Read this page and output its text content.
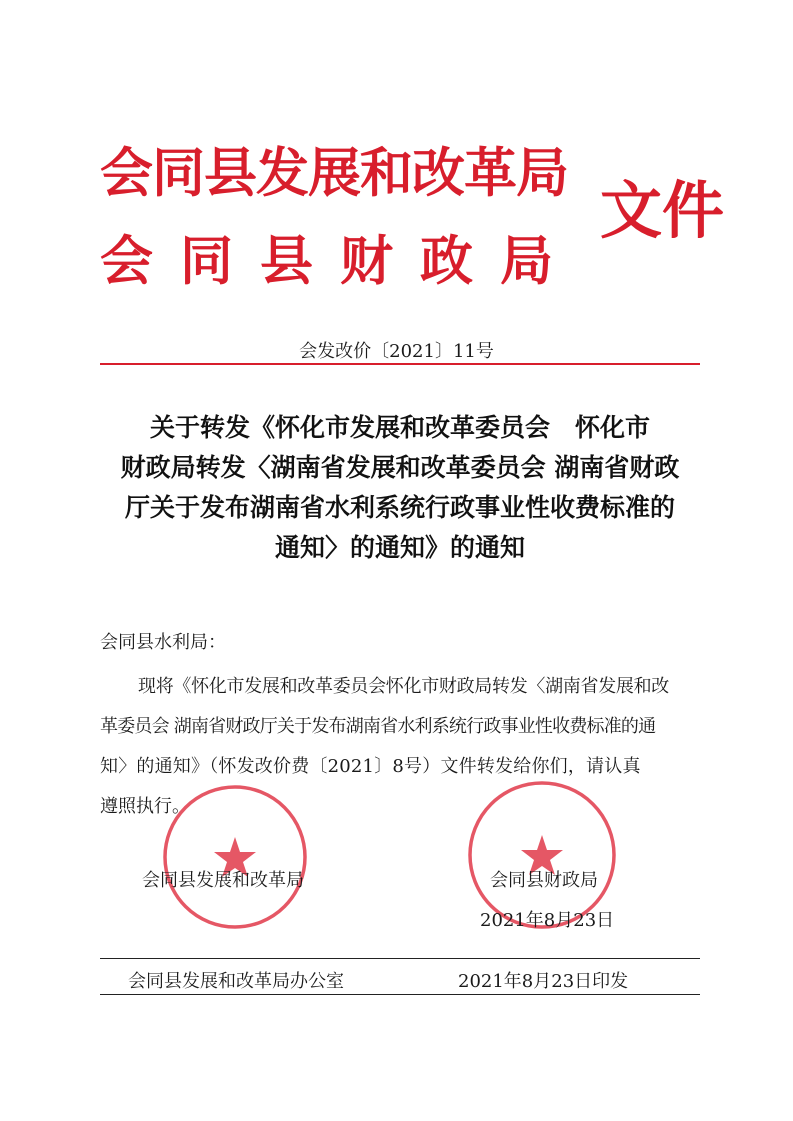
会同县发展和改革局
会同县财政局
文件
会发改价〔2021〕11号
关于转发《怀化市发展和改革委员会　怀化市
财政局转发〈湖南省发展和改革委员会 湖南省财政
厅关于发布湖南省水利系统行政事业性收费标准的
通知〉的通知》的通知
会同县水利局：
现将《怀化市发展和改革委员会怀化市财政局转发〈湖南省发展和改
革委员会 湖南省财政厅关于发布湖南省水利系统行政事业性收费标准的通
知〉的通知》（怀发改价费〔2021〕8号）文件转发给你们，请认真
遵照执行。
会同县发展和改革局	会同县财政局
2021年8月23日
会同县发展和改革局办公室	2021年8月23日印发
